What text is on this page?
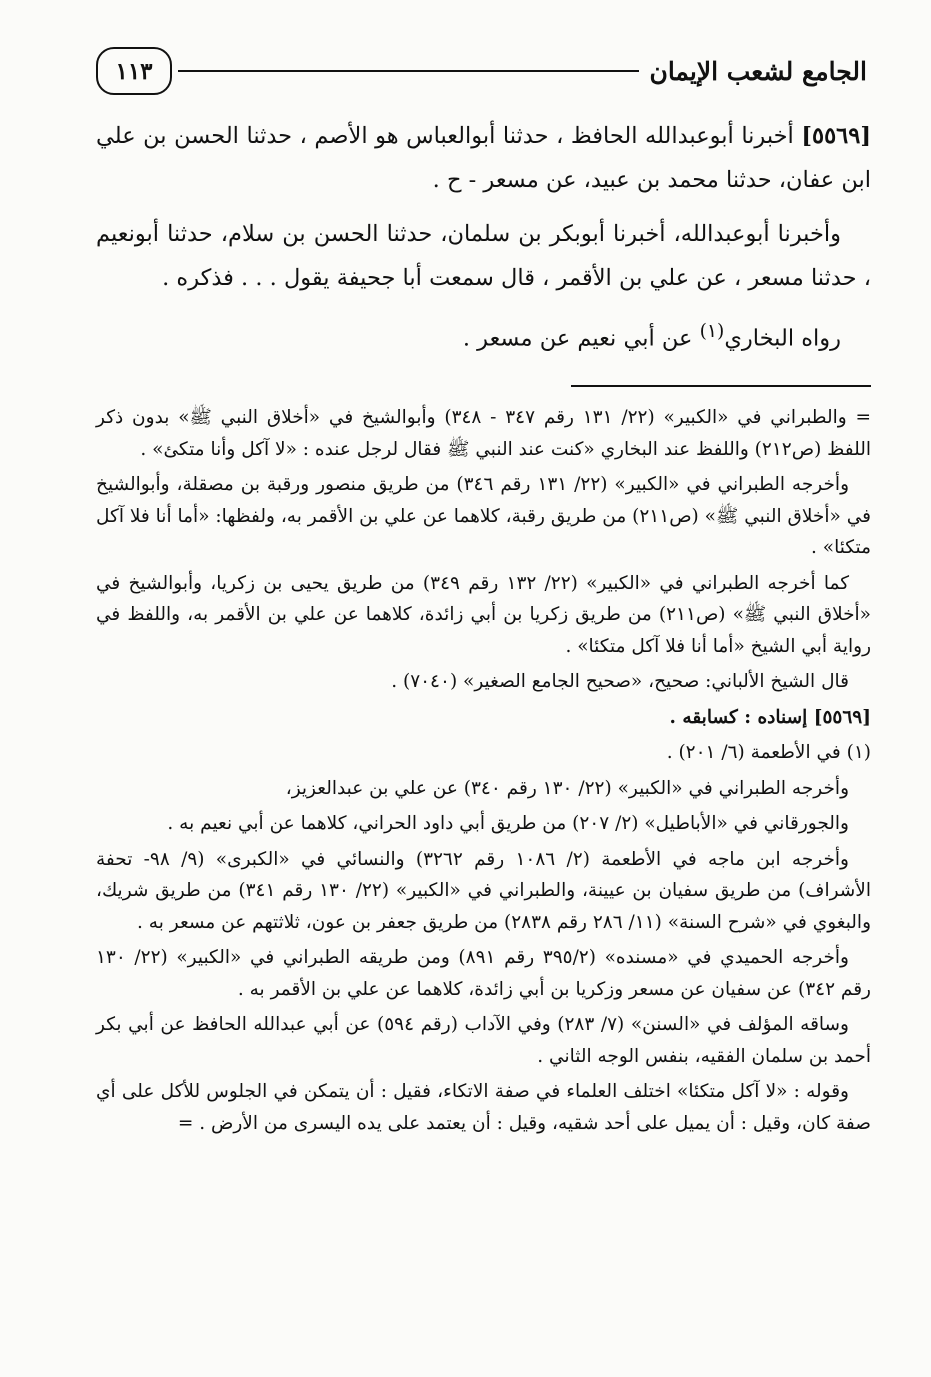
الجامع لشعب الإيمان
١١٣

[٥٥٦٩] أخبرنا أبوعبدالله الحافظ ، حدثنا أبوالعباس هو الأصم ، حدثنا الحسن بن علي ابن عفان، حدثنا محمد بن عبيد، عن مسعر - ح .

وأخبرنا أبوعبدالله، أخبرنا أبوبكر بن سلمان، حدثنا الحسن بن سلام، حدثنا أبونعيم ، حدثنا مسعر ، عن علي بن الأقمر ، قال سمعت أبا جحيفة يقول . . . فذكره .

رواه البخاري$^{(١)}$ عن أبي نعيم عن مسعر .

= والطبراني في «الكبير» (٢٢/ ١٣١ رقم ٣٤٧ - ٣٤٨) وأبوالشيخ في «أخلاق النبي ﷺ» بدون ذكر اللفظ (ص٢١٢) واللفظ عند البخاري «كنت عند النبي ﷺ فقال لرجل عنده : «لا آكل وأنا متكئ» .

وأخرجه الطبراني في «الكبير» (٢٢/ ١٣١ رقم ٣٤٦) من طريق منصور ورقبة بن مصقلة، وأبوالشيخ في «أخلاق النبي ﷺ» (ص٢١١) من طريق رقبة، كلاهما عن علي بن الأقمر به، ولفظها: «أما أنا فلا آكل متكئا» .

كما أخرجه الطبراني في «الكبير» (٢٢/ ١٣٢ رقم ٣٤٩) من طريق يحيى بن زكريا، وأبوالشيخ في «أخلاق النبي ﷺ» (ص٢١١) من طريق زكريا بن أبي زائدة، كلاهما عن علي بن الأقمر به، واللفظ في رواية أبي الشيخ «أما أنا فلا آكل متكئا» .

قال الشيخ الألباني: صحيح، «صحيح الجامع الصغير» (٧٠٤٠) .

[٥٥٦٩] إسناده : كسابقه .

(١) في الأطعمة (٦/ ٢٠١) .

وأخرجه الطبراني في «الكبير» (٢٢/ ١٣٠ رقم ٣٤٠) عن علي بن عبدالعزيز،

والجورقاني في «الأباطيل» (٢/ ٢٠٧) من طريق أبي داود الحراني، كلاهما عن أبي نعيم به .

وأخرجه ابن ماجه في الأطعمة (٢/ ١٠٨٦ رقم ٣٢٦٢) والنسائي في «الكبرى» (٩/ ٩٨- تحفة الأشراف) من طريق سفيان بن عيينة، والطبراني في «الكبير» (٢٢/ ١٣٠ رقم ٣٤١) من طريق شريك، والبغوي في «شرح السنة» (١١/ ٢٨٦ رقم ٢٨٣٨) من طريق جعفر بن عون، ثلاثتهم عن مسعر به .

وأخرجه الحميدي في «مسنده» (٣٩٥/٢ رقم ٨٩١) ومن طريقه الطبراني في «الكبير» (٢٢/ ١٣٠ رقم ٣٤٢) عن سفيان عن مسعر وزكريا بن أبي زائدة، كلاهما عن علي بن الأقمر به .

وساقه المؤلف في «السنن» (٧/ ٢٨٣) وفي الآداب (رقم ٥٩٤) عن أبي عبدالله الحافظ عن أبي بكر أحمد بن سلمان الفقيه، بنفس الوجه الثاني .

وقوله : «لا آكل متكئا» اختلف العلماء في صفة الاتكاء، فقيل : أن يتمكن في الجلوس للأكل على أي صفة كان، وقيل : أن يميل على أحد شقيه، وقيل : أن يعتمد على يده اليسرى من الأرض . =
